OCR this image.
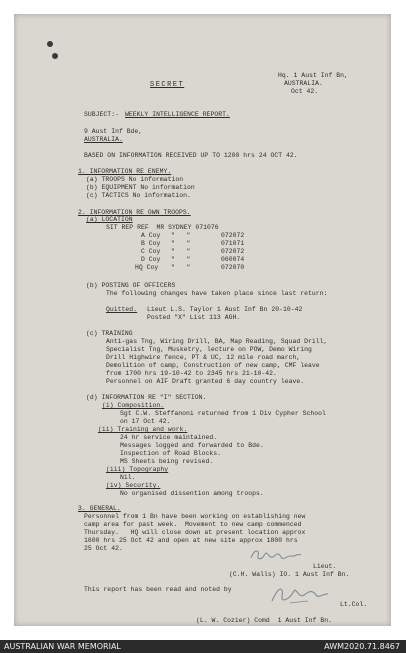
SECRET
Hq. 1 Aust Inf Bn,
AUSTRALIA.
Oct 42.
SUBJECT:- WEEKLY INTELLIGENCE REPORT.
9 Aust Inf Bde,
AUSTRALIA.
BASED ON INFORMATION RECEIVED UP TO 1200 hrs 24 OCT 42.
1. INFORMATION RE ENEMY.
(a) TROOPS No information
(b) EQUIPMENT No information
(c) TACTICS No information.
2. INFORMATION RE OWN TROOPS.
(a) LOCATION
SIT REP REF  MR SYDNEY 071076
A Coy "   "	072072
B Coy "   "	071071
C Coy "   "	072072
D Coy "   "	060074
HQ Coy "   "	072070
(b) POSTING OF OFFICERS
The following changes have taken place since last return:
Quitted. Lieut L.S. Taylor 1 Aust Inf Bn 20-10-42
Posted "X" List 113 AGH.
(c) TRAINING
Anti-gas Tng, Wiring Drill, BA, Map Reading, Squad Drill,
Specialist Tng, Musketry, lecture on POW, Demo Wiring
Drill Highwire fence, PT & UC, 12 mile road march,
Demolition of camp, Construction of new camp, CMF leave
from 1700 hrs 19-10-42 to 2345 hrs 21-10-42.
Personnel on AIF Draft granted 6 day country leave.
(d) INFORMATION RE "I" SECTION.
(i) Composition.
Sgt C.W. Steffanoni returned from 1 Div Cypher School
on 17 Oct 42.
(ii) Training and work.
24 hr service maintained.
Messages logged and forwarded to Bde.
Inspection of Road Blocks.
MS Sheets being revised.
(iii) Topography
Nil.
(iv) Security.
No organised dissention among troops.
3. GENERAL.
Personnel from 1 Bn have been working on establishing new
camp area for past week.  Movement to new camp commenced
Thursday.   HQ will close down at present location approx
1600 hrs 25 Oct 42 and open at new site approx 1800 hrs
25 Oct 42.
Lieut.
(C.H. Walls) IO. 1 Aust Inf Bn.
This report has been read and noted by
Lt.Col.
(L. W. Cozier) Comd  1 Aust Inf Bn.
AUSTRALIAN WAR MEMORIAL	AWM2020.71.8467
